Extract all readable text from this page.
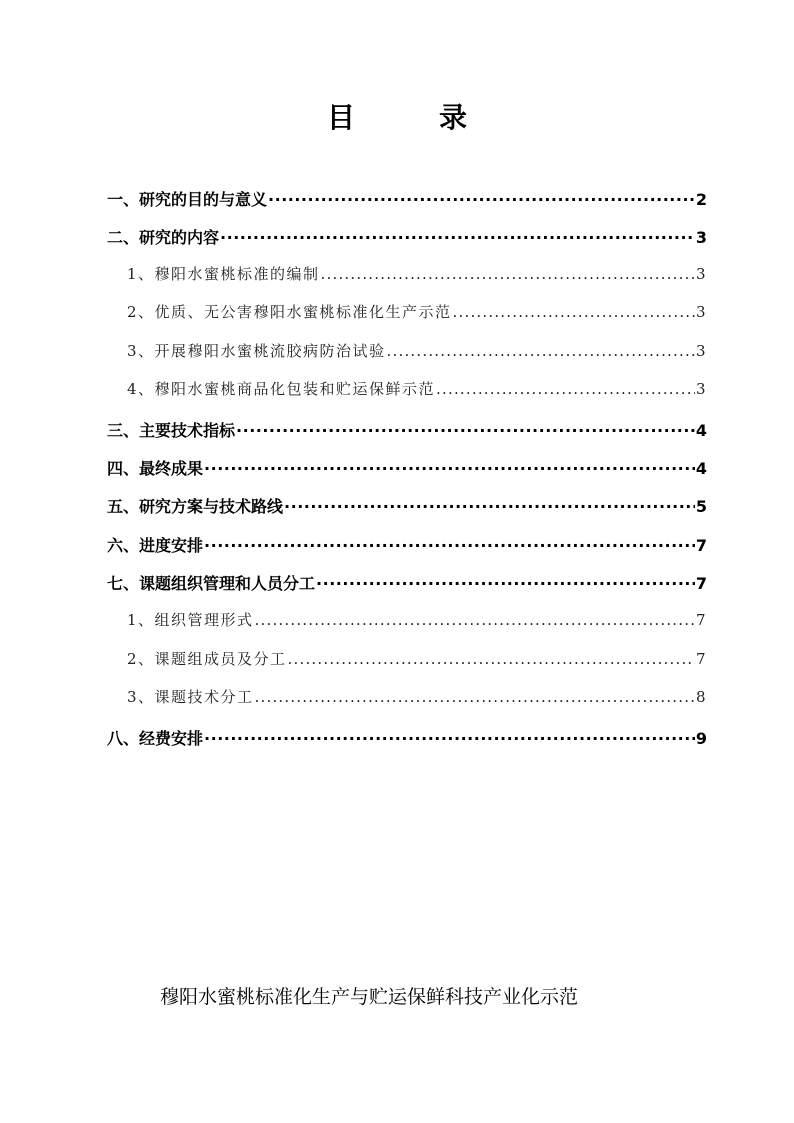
目　录
一、 研究的目的与意义 ·····	2
二、 研究的内容 ·····	3
1、穆阳水蜜桃标准的编制 .....	3
2、优质、无公害穆阳水蜜桃标准化生产示范 .....	3
3、开展穆阳水蜜桃流胶病防治试验 .....	3
4、穆阳水蜜桃商品化包装和贮运保鲜示范 .....	3
三、 主要技术指标 ·····	4
四、 最终成果 ·····	4
五、 研究方案与技术路线 ·····	5
六、 进度安排 ·····	7
七、 课题组织管理和人员分工 ·····	7
1、组织管理形式 .....	7
2、课题组成员及分工 .....	7
3、课题技术分工 .....	8
八、 经费安排 ·····	9
穆阳水蜜桃标准化生产与贮运保鲜科技产业化示范
